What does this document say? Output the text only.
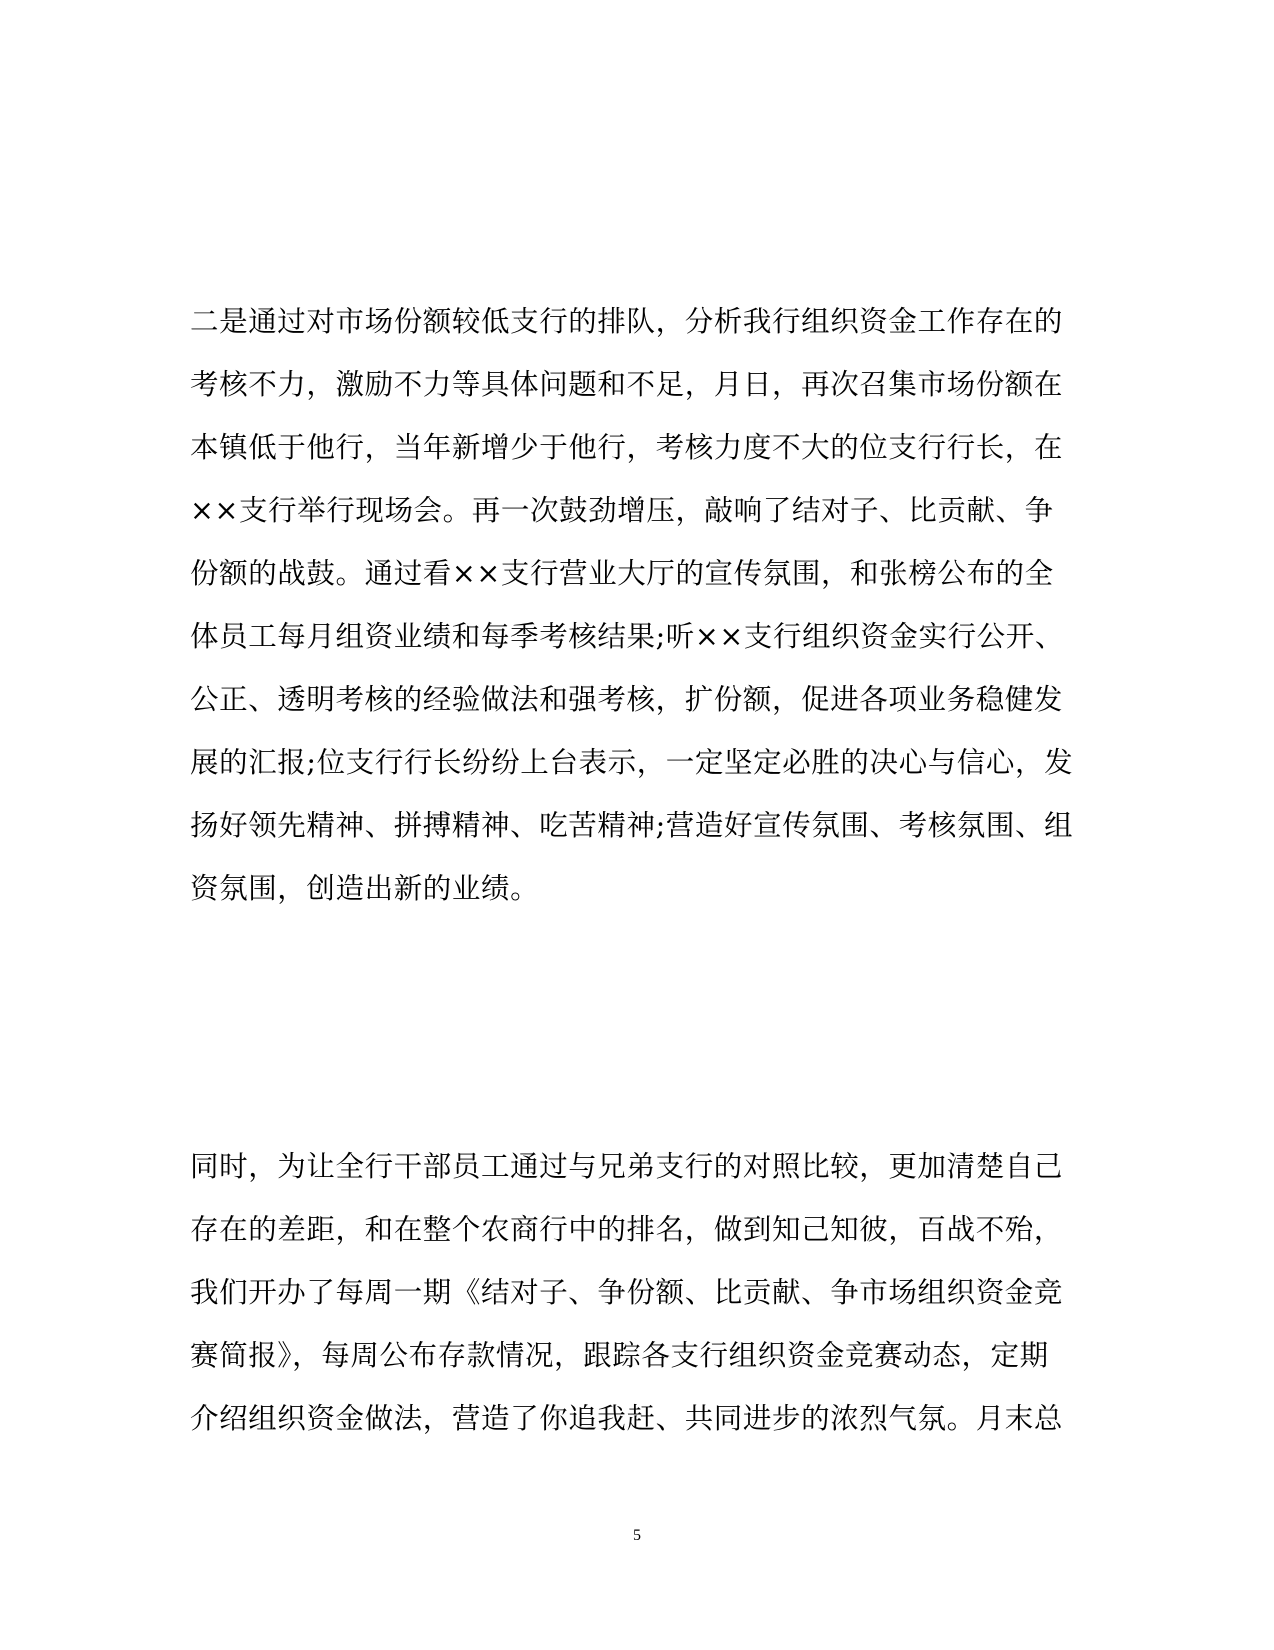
二是通过对市场份额较低支行的排队，分析我行组织资金工作存在的
考核不力，激励不力等具体问题和不足，月日，再次召集市场份额在
本镇低于他行，当年新增少于他行，考核力度不大的位支行行长，在
××支行举行现场会。再一次鼓劲增压，敲响了结对子、比贡献、争
份额的战鼓。通过看××支行营业大厅的宣传氛围，和张榜公布的全
体员工每月组资业绩和每季考核结果;听××支行组织资金实行公开、
公正、透明考核的经验做法和强考核，扩份额，促进各项业务稳健发
展的汇报;位支行行长纷纷上台表示，一定坚定必胜的决心与信心，发
扬好领先精神、拼搏精神、吃苦精神;营造好宣传氛围、考核氛围、组
资氛围，创造出新的业绩。
同时，为让全行干部员工通过与兄弟支行的对照比较，更加清楚自己
存在的差距，和在整个农商行中的排名，做到知己知彼，百战不殆，
我们开办了每周一期《结对子、争份额、比贡献、争市场组织资金竞
赛简报》，每周公布存款情况，跟踪各支行组织资金竞赛动态，定期
介绍组织资金做法，营造了你追我赶、共同进步的浓烈气氛。月末总
5
